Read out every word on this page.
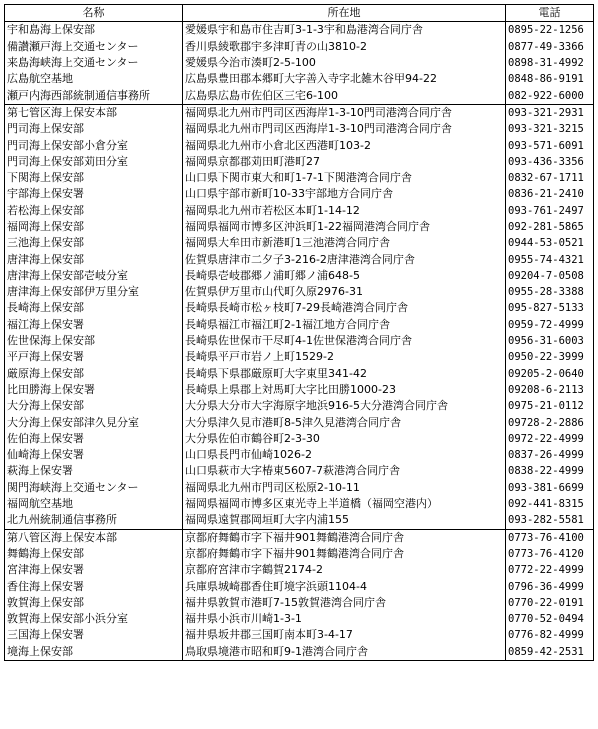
名称	所在地	電話
宇和島海上保安部	愛媛県宇和島市住吉町3-1-3宇和島港湾合同庁舎	0895-22-1256
備讃瀬戸海上交通センター	香川県綾歌郡宇多津町青の山3810-2	0877-49-3366
来島海峡海上交通センター	愛媛県今治市湊町2-5-100	0898-31-4992
広島航空基地	広島県豊田郡本郷町大字善入寺字北雑木谷甲94-22	0848-86-9191
瀬戸内海西部統制通信事務所	広島県広島市佐伯区三宅6-100	082-922-6000
第七管区海上保安本部	福岡県北九州市門司区西海岸1-3-10門司港湾合同庁舎	093-321-2931
門司海上保安部	福岡県北九州市門司区西海岸1-3-10門司港湾合同庁舎	093-321-3215
門司海上保安部小倉分室	福岡県北九州市小倉北区西港町103-2	093-571-6091
門司海上保安部苅田分室	福岡県京都郡苅田町港町27	093-436-3356
下関海上保安部	山口県下関市東大和町1-7-1下関港湾合同庁舎	0832-67-1711
宇部海上保安署	山口県宇部市新町10-33宇部地方合同庁舎	0836-21-2410
若松海上保安部	福岡県北九州市若松区本町1-14-12	093-761-2497
福岡海上保安部	福岡県福岡市博多区沖浜町1-22福岡港湾合同庁舎	092-281-5865
三池海上保安部	福岡県大牟田市新港町1三池港湾合同庁舎	0944-53-0521
唐津海上保安部	佐賀県唐津市二夕子3-216-2唐津港湾合同庁舎	0955-74-4321
唐津海上保安部壱岐分室	長崎県壱岐郡郷ノ浦町郷ノ浦648-5	09204-7-0508
唐津海上保安部伊万里分室	佐賀県伊万里市山代町久原2976-31	0955-28-3388
長崎海上保安部	長崎県長崎市松ヶ枝町7-29長崎港湾合同庁舎	095-827-5133
福江海上保安署	長崎県福江市福江町2-1福江地方合同庁舎	0959-72-4999
佐世保海上保安部	長崎県佐世保市干尽町4-1佐世保港湾合同庁舎	0956-31-6003
平戸海上保安署	長崎県平戸市岩ノ上町1529-2	0950-22-3999
厳原海上保安部	長崎県下県郡厳原町大字東里341-42	09205-2-0640
比田勝海上保安署	長崎県上県郡上対馬町大字比田勝1000-23	09208-6-2113
大分海上保安部	大分県大分市大字海原字地浜916-5大分港湾合同庁舎	0975-21-0112
大分海上保安部津久見分室	大分県津久見市港町8-5津久見港湾合同庁舎	09728-2-2886
佐伯海上保安署	大分県佐伯市鶴谷町2-3-30	0972-22-4999
仙崎海上保安署	山口県長門市仙崎1026-2	0837-26-4999
萩海上保安署	山口県萩市大字椿東5607-7萩港湾合同庁舎	0838-22-4999
関門海峡海上交通センター	福岡県北九州市門司区松原2-10-11	093-381-6699
福岡航空基地	福岡県福岡市博多区東光寺上半道橋（福岡空港内）	092-441-8315
北九州統制通信事務所	福岡県遠賀郡岡垣町大字内浦155	093-282-5581
第八管区海上保安本部	京都府舞鶴市字下福井901舞鶴港湾合同庁舎	0773-76-4100
舞鶴海上保安部	京都府舞鶴市字下福井901舞鶴港湾合同庁舎	0773-76-4120
宮津海上保安署	京都府宮津市字鶴賀2174-2	0772-22-4999
香住海上保安署	兵庫県城崎郡香住町境字浜頭1104-4	0796-36-4999
敦賀海上保安部	福井県敦賀市港町7-15敦賀港湾合同庁舎	0770-22-0191
敦賀海上保安部小浜分室	福井県小浜市川崎1-3-1	0770-52-0494
三国海上保安署	福井県坂井郡三国町南本町3-4-17	0776-82-4999
境海上保安部	鳥取県境港市昭和町9-1港湾合同庁舎	0859-42-2531
